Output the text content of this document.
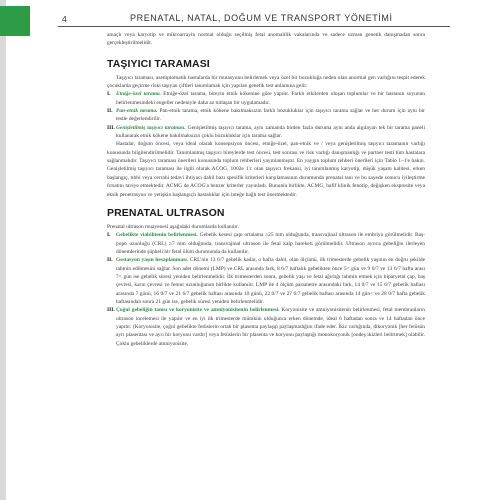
4	PRENATAL, NATAL, DOĞUM VE TRANSPORT YÖNETİMİ

amaçlı veya karyotip ve mikroarrayin normal olduğu seçilmiş fetal anomalilik vakalarında ve sadece uzman genetik danışmadan sonra gerçekleştirilmelidir.

TAŞIYICI TARAMASI

Taşıyıcı taraması, asemptomatik hastalarda bir mutasyonu belirlemek veya özel bir bozukluğa neden olan anormal gen varlığını tespit ederek çocuklarda geçirme riski taşıyan çiftleri tanımlamak için yapılan genetik test anlamına gelir.

I.	Etniğe-özel tarama. Etniğe-özel tarama, bireyin etnik kökenine göre yapılır. Farklı etkilerden oluşan toplumlar ve bir hastanın soyunun belirlenmesindeki engeller nedeniyle daha az tutlaşan bir uygulamadır.
II. Pan-etnik tarama. Pan-etnik tarama, etnik kökene bakılmaksızın farklı bozukluklar için taşıyıcı tarama sağlar ve her durum için aynı bir testle değerlendirilir.
III. Genişletilmiş taşıyıcı taraması. Genişletilmiş taşıyıcı tarama, aynı zamanda birden fazla duruma aynı anda algılayan tek bir tarama paneli kullanarak etnik kökene bakılmaksızın çoklu bozukluklar için tarama sağlar.

Hastalar, doğum öncesi, veya ideal olarak konsepsiyon öncesi, etniğe-özel, pan-etnik ve / veya genişletilmiş taşıyıcı taramanın varlığı konusunda bilgilendirilmelidir. Tanımlanmış taşıyıcı bireylerde test öncesi, test sonrası ve risk varlığı danışmanlığı ve partner testi tüm hastalara sağlanmalıdır. Taşıyıcı taraması önerileri konusunda toplum rehberleri yayınlanmıştır. En yaygın toplum rehberi önerileri için Tablo 1–1'e bakın. Genişletilmiş taşıyıcı taraması ile ilgili olarak ACOG, 1002e 1'c olan taşıyıcı frekansı, iyi tanımlanmış karyotip, düşük yaşam kalitesi, erken başlangıç, tıbbi veya cerrahi tedavi ihtiyacı dahil bazı spesifik kriterleri karşılamasının durumunda prenatal tanı ve bu sayede sonucu iyileştirme fırsatını taviye etmektedir. ACMG de ACOG'a benzer kriterler yayınladı. Bununla birlikte, ACMG, hafif klinik fenotip, değişken ekspresite veya eksik penetrasyon ve yetişkin başlangıçlı hastalıklar için inteğe bağlı test önermektedir.

PRENATAL ULTRASON

Prenatal ultrason muayenesi aşağıdaki durumlarda kullanılır.

I.	Gebelikte viabilitenin belirlenmesi. Gebelik kesesi çapı ortalama ≥25 mm olduğunda, transvajinal ultrason ile embriyo görülmelidir. Baş-popo uzunluğu (CRL) ≥7 mm olduğunda, transvajinal ultrason ile fetal kalp hareketi görülmelidir. Ultrason ayrıca gebeliğin ilerleyen dönemlerinde şüpheli bir fetal ölüm durumunda da kullanılır.
II. Gestasyon yaşın hesaplanması. CRL'nin 13 6/7 gebelik kadar, o hafta dahil, olan ölçümü, ilk trimesterde gebelik yaşının en doğru şekilde tahmin edilmesini sağlar. Son adet dönemi (LMP) ve CRL arasında fark, 8 6/7 haftalık gebelikten önce 5< gün ve 9 0/7 ve 13 6/7 hafta arası 7< gün ise gebelik süresi yeniden belirlenmelidir. İlk trimesterden sonra, gebelik yaşı ve fetal ağırlığı tahmin etmek için biparyetal çap, baş çevresi, karın çevresi ve femur uzunluğunun birlikte kullanılır. LMP ile 4 ölçüm parametre arasındaki fark, 14 0/7 ve 15 6/7 gebelik haftası arasında 7 günü, 16 0/7 ve 21 6/7 gebelik haftası arasında 10 günü, 22 0/7 ve 27 6/7 gebelik haftası arasında 14 gün< ve 28 0/7 hafta gebelik haftasından sonra 21 gün ise, gebelik süresi yeniden belirlenmelidir.
III. Çoğul gebeliğin tanısı ve koryonisite ve amniyonisitenin belirlenmesi. Koryonisite ve amniyonisitenin belirlenmesi, fetal membranların ultrason incelemesi ile yapılır ve en iyi ilk trimesterde mümkün olduğunca erken dönemde, ideal 6 haftadan sonra ve 14 haftadan önce yapılır. (Koryonisite, çoğul gebelikte fetüslerin ortak bir plasenta paylaşıp paylaşmadığını ifade eder. İkiz varlığında, dikoryonik [her fetüsün ayrı plasentası ve ayrı bir koryonu vardır] veya fetüslerin bir plasenta ve koryonu paylaştığı monokoryonik [ondeş ikizleri belirtmek] olabilir. Çoklu gebeliklerde amniyonisite,
